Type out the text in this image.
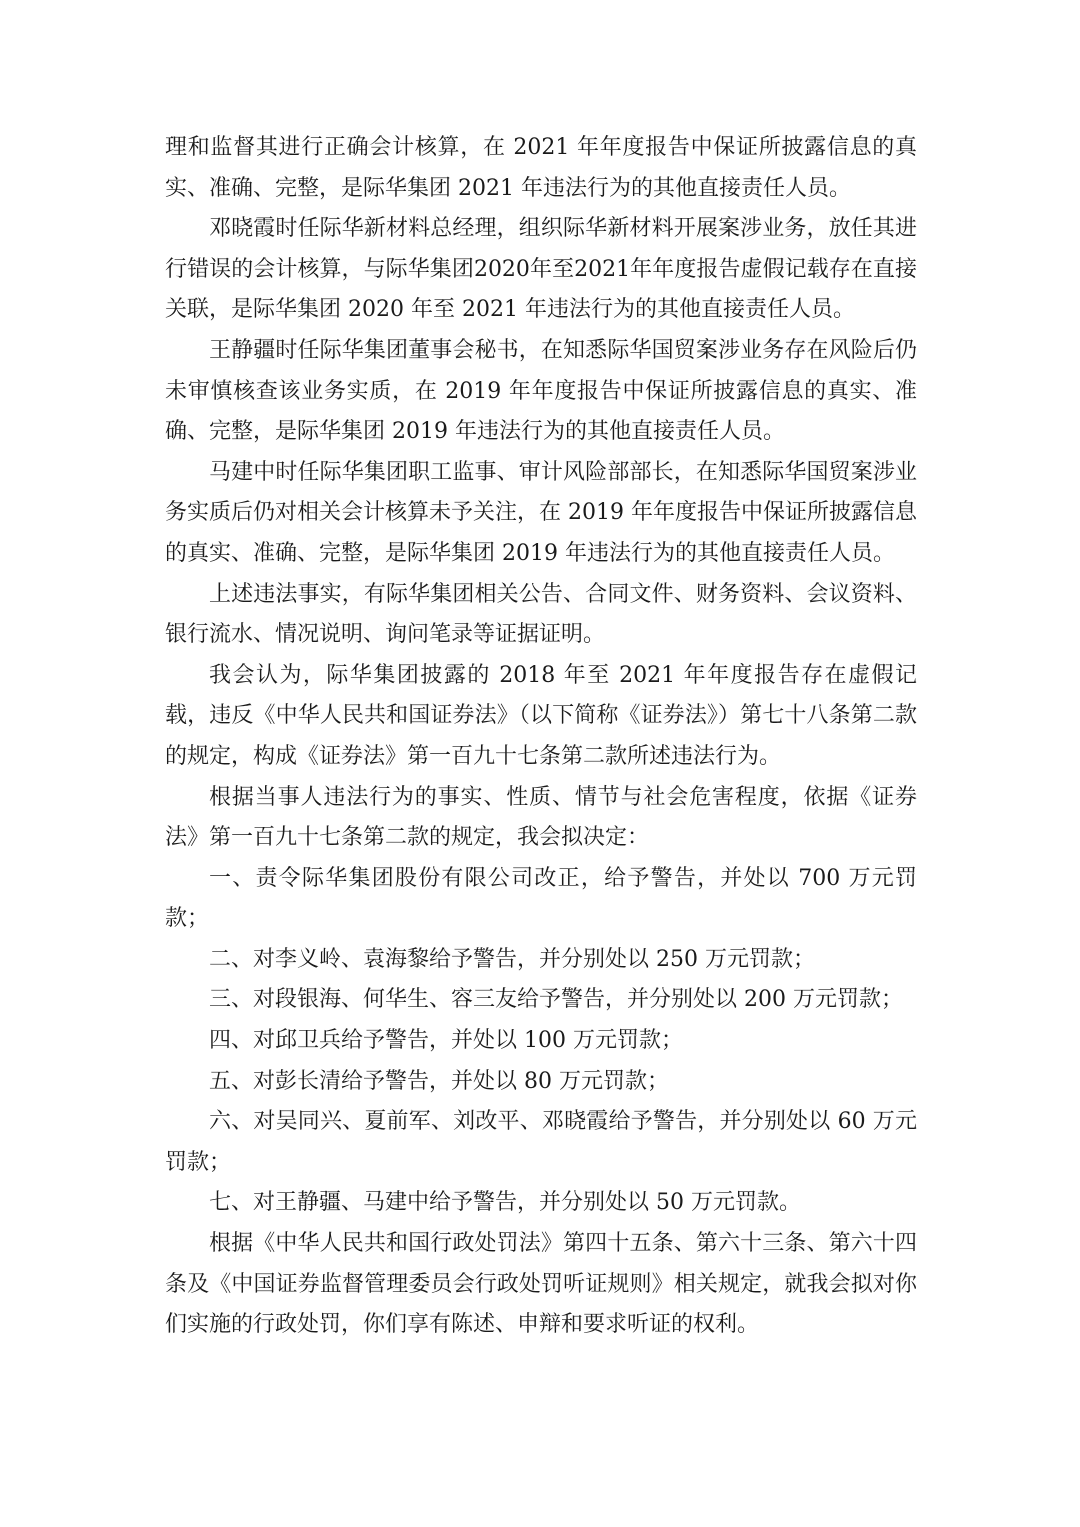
理和监督其进行正确会计核算，在 2021 年年度报告中保证所披露信息的真实、准确、完整，是际华集团 2021 年违法行为的其他直接责任人员。

邓晓霞时任际华新材料总经理，组织际华新材料开展案涉业务，放任其进行错误的会计核算，与际华集团2020年至2021年年度报告虚假记载存在直接关联，是际华集团 2020 年至 2021 年违法行为的其他直接责任人员。

王静疆时任际华集团董事会秘书，在知悉际华国贸案涉业务存在风险后仍未审慎核查该业务实质，在 2019 年年度报告中保证所披露信息的真实、准确、完整，是际华集团 2019 年违法行为的其他直接责任人员。

马建中时任际华集团职工监事、审计风险部部长，在知悉际华国贸案涉业务实质后仍对相关会计核算未予关注，在 2019 年年度报告中保证所披露信息的真实、准确、完整，是际华集团 2019 年违法行为的其他直接责任人员。

上述违法事实，有际华集团相关公告、合同文件、财务资料、会议资料、银行流水、情况说明、询问笔录等证据证明。

我会认为，际华集团披露的 2018 年至 2021 年年度报告存在虚假记载，违反《中华人民共和国证券法》（以下简称《证券法》）第七十八条第二款的规定，构成《证券法》第一百九十七条第二款所述违法行为。

根据当事人违法行为的事实、性质、情节与社会危害程度，依据《证券法》第一百九十七条第二款的规定，我会拟决定：

一、责令际华集团股份有限公司改正，给予警告，并处以 700 万元罚款；

二、对李义岭、袁海黎给予警告，并分别处以 250 万元罚款；

三、对段银海、何华生、容三友给予警告，并分别处以 200 万元罚款；

四、对邱卫兵给予警告，并处以 100 万元罚款；

五、对彭长清给予警告，并处以 80 万元罚款；

六、对吴同兴、夏前军、刘改平、邓晓霞给予警告，并分别处以 60 万元罚款；

七、对王静疆、马建中给予警告，并分别处以 50 万元罚款。

根据《中华人民共和国行政处罚法》第四十五条、第六十三条、第六十四条及《中国证券监督管理委员会行政处罚听证规则》相关规定，就我会拟对你们实施的行政处罚，你们享有陈述、申辩和要求听证的权利。
